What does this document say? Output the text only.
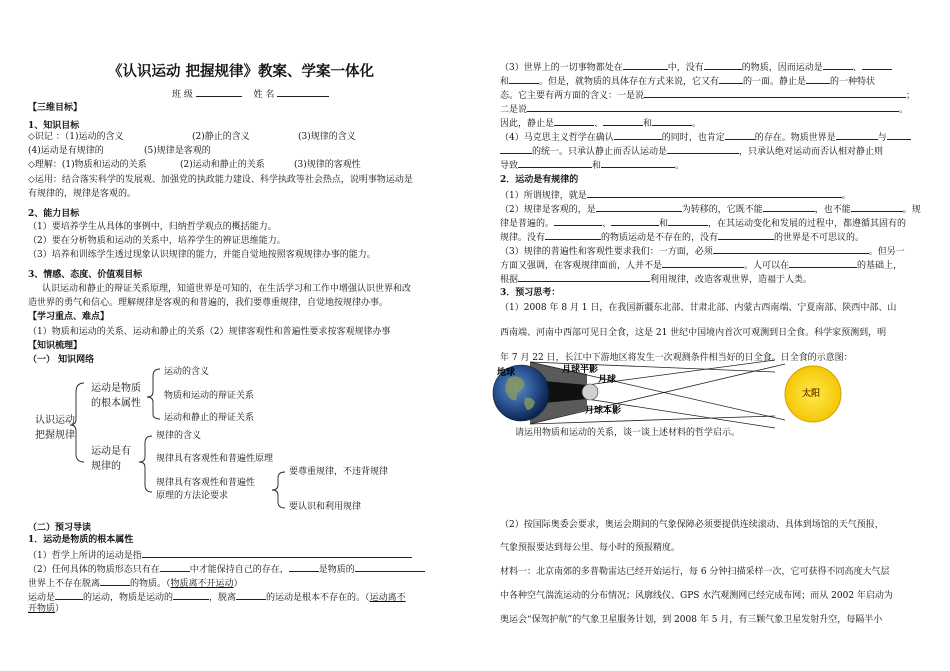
《认识运动 把握规律》教案、学案一体化
班 级	姓 名
【三维目标】
1、知识目标
◇识记 ：（1)运动的含义	(2)静止的含义	(3)规律的含义
(4)运动是有规律的	(5)规律是客观的
◇理解：(1)物质和运动的关系	(2)运动和静止的关系	(3)规律的客观性
◇运用：结合落实科学的发展观、加强党的执政能力建设、科学执政等社会热点，说明事物运动是
有规律的，规律是客观的。
2、能力目标
（1）要培养学生从具体的事例中，归纳哲学观点的概括能力。
（2）要在分析物质和运动的关系中，培养学生的辨证思维能力。
（3）培养和训练学生透过现象认识规律的能力，并能自觉地按照客观规律办事的能力。
3、情感、态度、价值观目标
认识运动和静止的辩证关系原理，知道世界是可知的，在生活学习和工作中增强认识世界和改
造世界的勇气和信心。理解规律是客观的和普遍的，我们要尊重规律，自觉地按规律办事。
【学习重点、难点】
（1）物质和运动的关系、运动和静止的关系（2）规律客观性和普遍性要求按客观规律办事
【知识梳理】
（一） 知识网络
认识运动
把握规律
运动是物质
的根本属性
运动的含义
物质和运动的辩证关系
运动和静止的辩证关系
运动是有
规律的
规律的含义
规律具有客观性和普遍性原理
规律具有客观性和普遍性
原理的方法论要求
要尊重规律，不违背规律
要认识和利用规律
（二）预习导读
1．运动是物质的根本属性
（1）哲学上所讲的运动是指
（2）任何具体的物质形态只有在	中才能保持自己的存在，	是物质的
世界上不存在脱离	的物质。（物质离不开运动）
运动是	的运动，物质是运动的	，脱离	的运动是根本不存在的。（运动离不
开物质）
（3）世界上的一切事物都处在	中，没有	的物质，因而运动是	、
和	。但是，就物质的具体存在方式来说，它又有	的一面。静止是	的一种特状
态。它主要有两方面的含义：一是说	；
二是说	。
因此，静止是	、	和	。
（4）马克思主义哲学在确认	的同时，也肯定	的存在。物质世界是	与
的统一。只承认静止而否认运动是	，只承认绝对运动而否认相对静止则
导致	和	。
2．运动是有规律的
（1）所谓规律，就是	。
（2）规律是客观的，是	为转移的，它既不能	，也不能	。规
律是普遍的。	、	和	，在其运动变化和发展的过程中，都遵循其固有的
规律。没有	的物质运动是不存在的，没有	的世界是不可思议的。
（3）规律的普遍性和客观性要求我们：一方面，必须	。但另一
方面又强调，在客观规律面前，人并不是	。人可以在	的基础上，
根据	利用规律，改造客观世界，造福于人类。
3．预习思考：
（1）2008 年 8 月 1 日，在我国新疆东北部、甘肃北部、内蒙古西南端、宁夏南部、陕西中部、山
西南端、河南中西部可见日全食，这是 21 世纪中国境内首次可观测到日全食。科学家预测到，明
年 7 月 22 日，长江中下游地区将发生一次观测条件相当好的日全食。日全食的示意图：
地球	月球半影
月球
月球本影
太阳
请运用物质和运动的关系，谈一谈上述材料的哲学启示。
（2）按国际奥委会要求，奥运会期间的气象保障必须要提供连续滚动、具体到场馆的天气预报，
气象预报要达到每公里、每小时的预报精度。
材料一：北京南郊的多普勒雷达已经开始运行，每 6 分钟扫描采样一次，它可获得不同高度大气层
中各种空气湍流运动的分布情况；风廓线仪、GPS 水汽观测网已经完成布网；而从 2002 年启动为
奥运会“保驾护航”的气象卫星服务计划，到 2008 年 5 月，有三颗气象卫星发射升空，每隔半小
